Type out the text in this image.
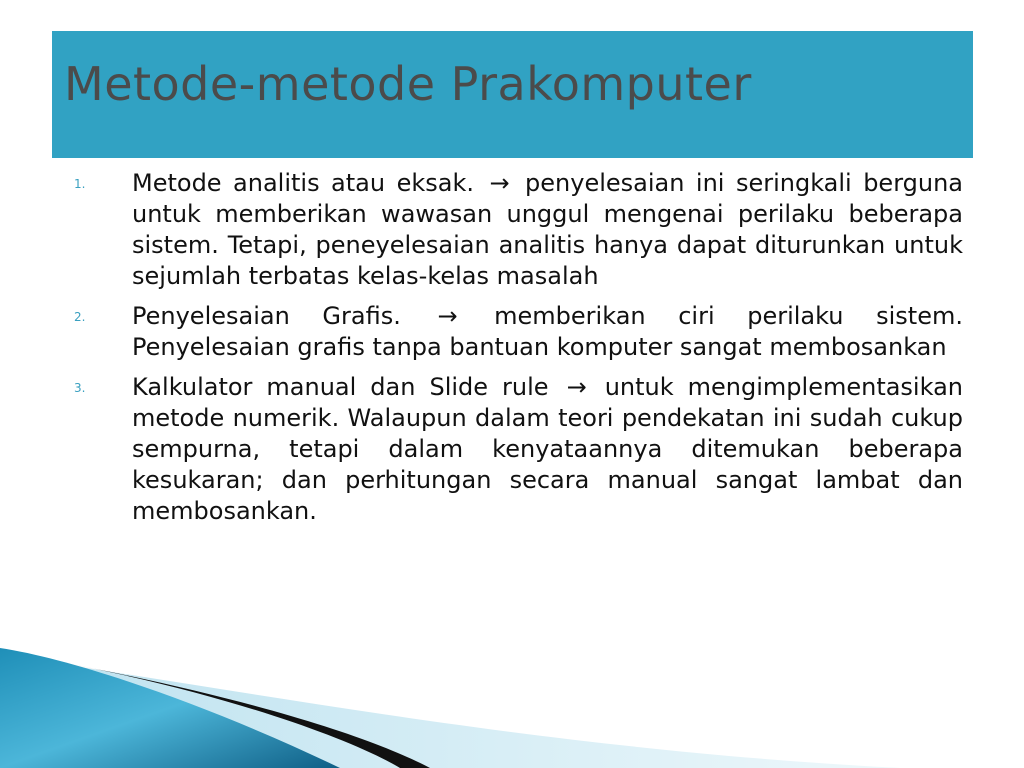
Metode-metode Prakomputer
1. Metode analitis atau eksak. → penyelesaian ini seringkali berguna untuk memberikan wawasan unggul mengenai perilaku beberapa sistem. Tetapi, peneyelesaian analitis hanya dapat diturunkan untuk sejumlah terbatas kelas-kelas masalah

2. Penyelesaian Grafis. → memberikan ciri perilaku sistem. Penyelesaian grafis tanpa bantuan komputer sangat membosankan

3. Kalkulator manual dan Slide rule → untuk mengimplementasikan metode numerik. Walaupun dalam teori pendekatan ini sudah cukup sempurna, tetapi dalam kenyataannya ditemukan beberapa kesukaran; dan perhitungan secara manual sangat lambat dan membosankan.
